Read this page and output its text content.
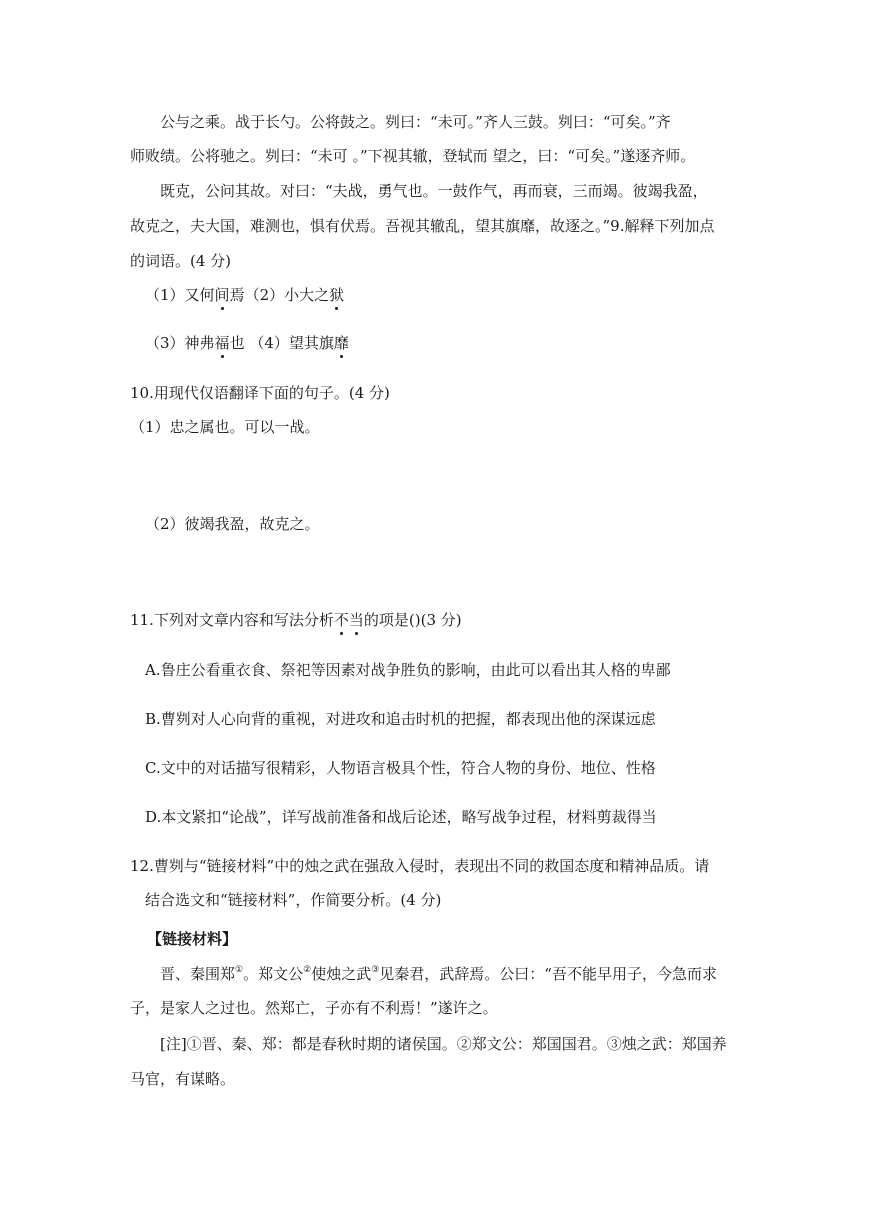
公与之乘。战于长勺。公将鼓之。刿曰：“未可。”齐人三鼓。刿曰：“可矣。”齐
师败绩。公将驰之。刿曰：“未可 。”下视其辙，登轼而 望之，曰：“可矣。”遂逐齐师。
既克，公问其故。对曰：“夫战，勇气也。一鼓作气，再而衰，三而竭。彼竭我盈，
故克之，夫大国，难测也，惧有伏焉。吾视其辙乱，望其旗靡，故逐之。”9.解释下列加点
的词语。(4 分)
（1）又何间焉（2）小大之狱
（3）神弗福也 （4）望其旗靡
10.用现代仅语翻译下面的句子。(4 分)
（1）忠之属也。可以一战。
（2）彼竭我盈，故克之。
11.下列对文章内容和写法分析不当的项是()(3 分)
A.鲁庄公看重衣食、祭祀等因素对战争胜负的影响，由此可以看出其人格的卑鄙
B.曹刿对人心向背的重视，对进攻和追击时机的把握，都表现出他的深谋远虑
C.文中的对话描写很精彩，人物语言极具个性，符合人物的身份、地位、性格
D.本文紧扣“论战”，详写战前准备和战后论述，略写战争过程，材料剪裁得当
12.曹刿与“链接材料”中的烛之武在强敌入侵时，表现出不同的救国态度和精神品质。请
结合选文和“链接材料”，作简要分析。(4 分)
【链接材料】
晋、秦围郑①。郑文公②使烛之武③见秦君，武辞焉。公曰：“吾不能早用子，今急而求
子，是家人之过也。然郑亡，子亦有不利焉！”遂许之。
[注]①晋、秦、郑：都是春秋时期的诸侯国。②郑文公：郑国国君。③烛之武：郑国养
马官，有谋略。
